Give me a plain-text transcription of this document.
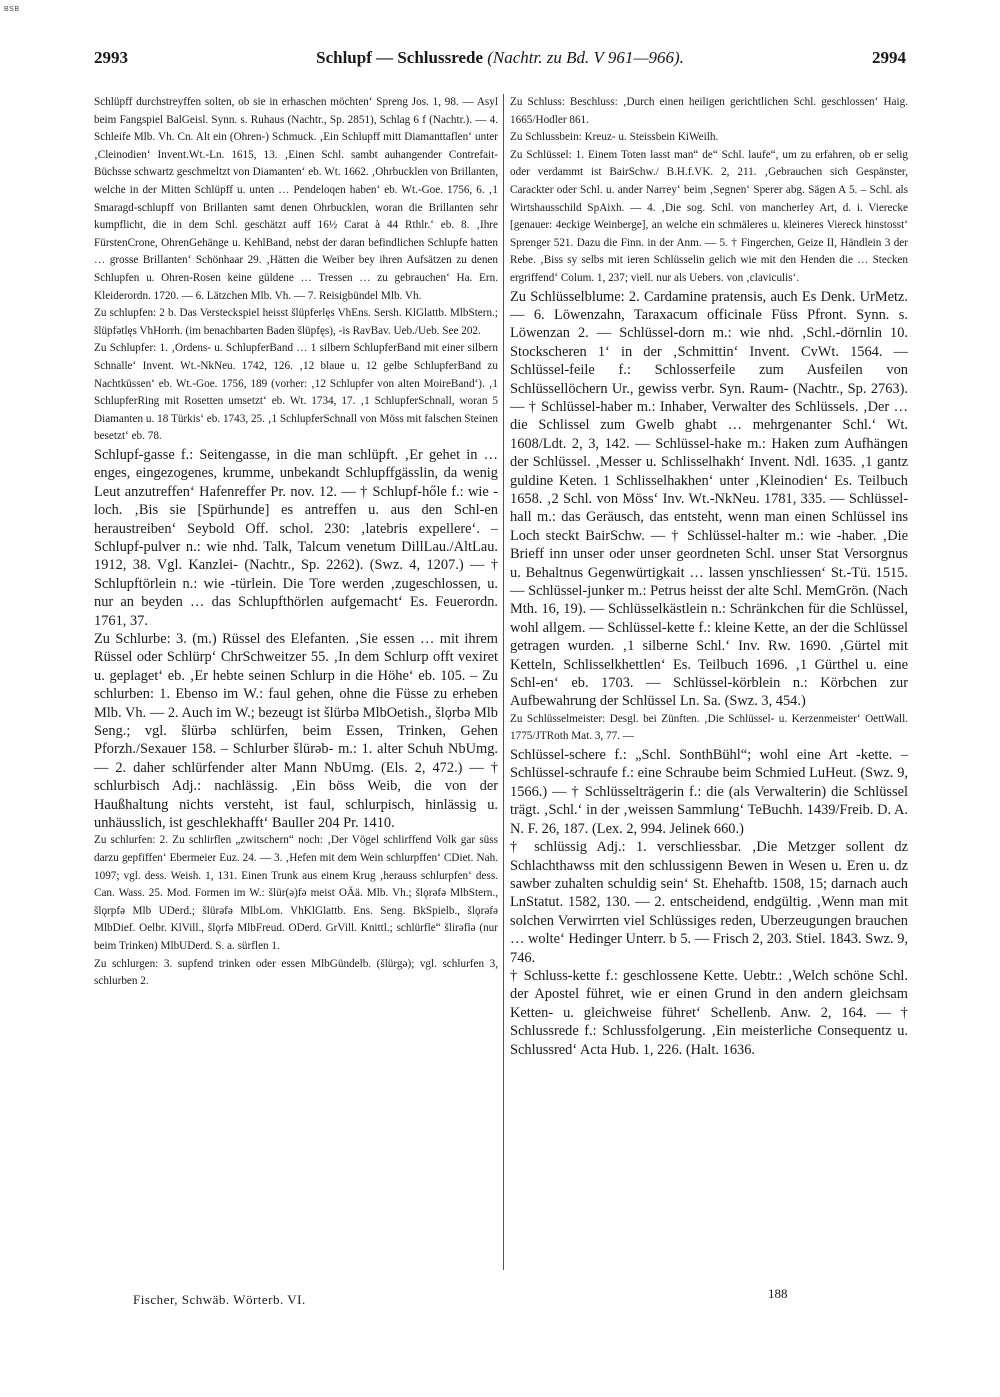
BSB
2993	Schlupf — Schlussrede (Nachtr. zu Bd. V 961—966).	2994

Schlüpff durchstreyffen solten, ob sie in erhaschen möchten‘ Spreng Jos. 1, 98. — Asyl beim Fangspiel BalGeisl. Synn. s. Ruhaus (Nachtr., Sp. 2851), Schlag 6 f (Nachtr.). — 4. Schleife Mlb. Vh. Cn. Alt ein (Ohren-) Schmuck. ‚Ein Schlupff mitt Diamanttaflen‘ unter ‚Cleinodien‘ Invent.Wt.-Ln. 1615, 13. ‚Einen Schl. sambt auhangender Contrefait-Büchsse schwartz geschmeltzt von Diamanten‘ eb. Wt. 1662. ‚Ohrbucklen von Brillanten, welche in der Mitten Schlüpff u. unten … Pendeloqen haben‘ eb. Wt.-Goe. 1756, 6. ‚1 Smaragd-schlupff von Brillanten samt denen Ohrbucklen, woran die Brillanten sehr kumpflicht, die in dem Schl. geschätzt auff 16½ Carat à 44 Rthlr.‘ eb. 8. ‚Ihre FürstenCrone, OhrenGehänge u. KehlBand, nebst der daran befindlichen Schlupfe hatten … grosse Brillanten‘ Schönhaar 29. ‚Hätten die Weiber bey ihren Aufsätzen zu denen Schlupfen u. Ohren-Rosen keine güldene … Tressen … zu gebrauchen‘ Ha. Ern. Kleiderordn. 1720. — 6. Lätzchen Mlb. Vh. — 7. Reisigbündel Mlb. Vh.

Zu schlupfen: 2 b. Das Versteckspiel heisst šlüpferlęs VhEns. Sersh. KlGlattb. MlbStern.; šlüpfətlęs VhHorrh. (im benachbarten Baden šlüpfęs), -is RavBav. Ueb./Ueb. See 202.

Zu Schlupfer: 1. ‚Ordens- u. SchlupferBand … 1 silbern SchlupferBand mit einer silbern Schnalle‘ Invent. Wt.-NkNeu. 1742, 126. ‚12 blaue u. 12 gelbe SchlupferBand zu Nachtküssen‘ eb. Wt.-Goe. 1756, 189 (vorher: ‚12 Schlupfer von alten MoireBand‘). ‚1 SchlupferRing mit Rosetten umsetzt‘ eb. Wt. 1734, 17. ‚1 SchlupferSchnall, woran 5 Diamanten u. 18 Türkis‘ eb. 1743, 25. ‚1 SchlupferSchnall von Möss mit falschen Steinen besetzt‘ eb. 78.

Schlupf-gasse f.: Seitengasse, in die man schlüpft. ‚Er gehet in … enges, eingezogenes, krumme, unbekandt Schlupffgässlin, da wenig Leut anzutreffen‘ Hafenreffer Pr. nov. 12. — † Schlupf-hőle f.: wie -loch. ‚Bis sie [Spürhunde] es antreffen u. aus den Schl-en heraustreiben‘ Seybold Off. schol. 230: ‚latebris expellere‘. – Schlupf-pulver n.: wie nhd. Talk, Talcum venetum DillLau./AltLau. 1912, 38. Vgl. Kanzlei- (Nachtr., Sp. 2262). (Swz. 4, 1207.) — † Schlupftörlein n.: wie -türlein. Die Tore werden ‚zugeschlossen, u. nur an beyden … das Schlupfthörlen aufgemacht‘ Es. Feuerordn. 1761, 37.

Zu Schlurbe: 3. (m.) Rüssel des Elefanten. ‚Sie essen … mit ihrem Rüssel oder Schlürp‘ ChrSchweitzer 55. ‚In dem Schlurp offt vexiret u. geplaget‘ eb. ‚Er hebte seinen Schlurp in die Höhe‘ eb. 105. – Zu schlurben: 1. Ebenso im W.: faul gehen, ohne die Füsse zu erheben Mlb. Vh. — 2. Auch im W.; bezeugt ist šlürbə MlbOetish., šlǫrbə Mlb Seng.; vgl. šlürbə schlürfen, beim Essen, Trinken, Gehen Pforzh./Sexauer 158. – Schlurber šlürəb- m.: 1. alter Schuh NbUmg. — 2. daher schlürfender alter Mann NbUmg. (Els. 2, 472.) — † schlurbisch Adj.: nachlässig. ‚Ein böss Weib, die von der Haußhaltung nichts versteht, ist faul, schlurpisch, hinlässig u. unhäusslich, ist geschlekhafft‘ Bauller 204 Pr. 1410.

Zu schlurfen: 2. Zu schlirflen „zwitschern“ noch: ‚Der Vögel schlirffend Volk gar süss darzu gepfiffen‘ Ebermeier Euz. 24. — 3. ‚Hefen mit dem Wein schlurpffen‘ CDiet. Nah. 1097; vgl. dess. Weish. 1, 131. Einen Trunk aus einem Krug ‚herauss schlurpfen‘ dess. Can. Wass. 25. Mod. Formen im W.: šlür(ə)fə meist OÄä. Mlb. Vh.; šlǫrəfə MlbStern., šlǫrpfə Mlb UDerd.; šlürəfə MlbLom. VhKlGlattb. Ens. Seng. BkSpielb., šlǫrəfə MlbDief. Oelbr. KlVill., šlǫrfə MlbFreud. ODerd. GrVill. Knittl.; schlürfle“ šlirəflə (nur beim Trinken) MlbUDerd. S. a. sürflen 1.

Zu schlurgen: 3. supfend trinken oder essen MlbGündelb. (šlürgə); vgl. schlurfen 3, schlurben 2.

Zu Schluss: Beschluss: ‚Durch einen heiligen gerichtlichen Schl. geschlossen‘ Haig. 1665/Hodler 861.

Zu Schlussbein: Kreuz- u. Steissbein KiWeilh.

Zu Schlüssel: 1. Einem Toten lasst man“ de“ Schl. laufe“, um zu erfahren, ob er selig oder verdammt ist BairSchw./ B.H.f.VK. 2, 211. ‚Gebrauchen sich Gespänster, Carackter oder Schl. u. ander Narrey‘ beim ‚Segnen‘ Sperer abg. Sägen A 5. – Schl. als Wirtshausschild SpAixh. — 4. ‚Die sog. Schl. von mancherley Art, d. i. Vierecke [genauer: 4eckige Weinberge], an welche ein schmäleres u. kleineres Viereck hinstosst‘ Sprenger 521. Dazu die Finn. in der Anm. — 5. † Fingerchen, Geize II, Händlein 3 der Rebe. ‚Biss sy selbs mit ieren Schlüsselin gelich wie mit den Henden die … Stecken ergriffend‘ Colum. 1, 237; viell. nur als Uebers. von ‚claviculis‘.

Zu Schlüsselblume: 2. Cardamine pratensis, auch Es Denk. UrMetz. — 6. Löwenzahn, Taraxacum officinale Füss Pfront. Synn. s. Löwenzan 2. — Schlüssel-dorn m.: wie nhd. ‚Schl.-dörnlin 10. Stockscheren 1‘ in der ‚Schmittin‘ Invent. CvWt. 1564. — Schlüssel-feile f.: Schlosserfeile zum Ausfeilen von Schlüssellöchern Ur., gewiss verbr. Syn. Raum- (Nachtr., Sp. 2763). — † Schlüssel-haber m.: Inhaber, Verwalter des Schlüssels. ‚Der … die Schlissel zum Gwelb ghabt … mehrgenanter Schl.‘ Wt. 1608/Ldt. 2, 3, 142. — Schlüssel-hake m.: Haken zum Aufhängen der Schlüssel. ‚Messer u. Schlisselhakh‘ Invent. Ndl. 1635. ‚1 gantz guldine Keten. 1 Schlisselhakhen‘ unter ‚Kleinodien‘ Es. Teilbuch 1658. ‚2 Schl. von Möss‘ Inv. Wt.-NkNeu. 1781, 335. — Schlüssel-hall m.: das Geräusch, das entsteht, wenn man einen Schlüssel ins Loch steckt BairSchw. — † Schlüssel-halter m.: wie -haber. ‚Die Brieff inn unser oder unser geordneten Schl. unser Stat Versorgnus u. Behaltnus Gegenwürtigkait … lassen ynschliessen‘ St.-Tü. 1515. — Schlüssel-junker m.: Petrus heisst der alte Schl. MemGrön. (Nach Mth. 16, 19). — Schlüsselkästlein n.: Schränkchen für die Schlüssel, wohl allgem. — Schlüssel-kette f.: kleine Kette, an der die Schlüssel getragen wurden. ‚1 silberne Schl.‘ Inv. Rw. 1690. ‚Gürtel mit Ketteln, Schlisselkhettlen‘ Es. Teilbuch 1696. ‚1 Gürthel u. eine Schl-en‘ eb. 1703. — Schlüssel-körblein n.: Körbchen zur Aufbewahrung der Schlüssel Ln. Sa. (Swz. 3, 454.)

Zu Schlüsselmeister: Desgl. bei Zünften. ‚Die Schlüssel- u. Kerzenmeister‘ OettWall. 1775/JTRoth Mat. 3, 77. —

Schlüssel-schere f.: „Schl. SonthBühl“; wohl eine Art -kette. – Schlüssel-schraufe f.: eine Schraube beim Schmied LuHeut. (Swz. 9, 1566.) — † Schlüsselträgerin f.: die (als Verwalterin) die Schlüssel trägt. ‚Schl.‘ in der ‚weissen Sammlung‘ TeBuchh. 1439/Freib. D. A. N. F. 26, 187. (Lex. 2, 994. Jelinek 660.)

† schlüssig Adj.: 1. verschliessbar. ‚Die Metzger sollent dz Schlachthawss mit den schlussigenn Bewen in Wesen u. Eren u. dz sawber zuhalten schuldig sein‘ St. Ehehaftb. 1508, 15; darnach auch LnStatut. 1582, 130. — 2. entscheidend, endgültig. ‚Wenn man mit solchen Verwirrten viel Schlüssiges reden, Uberzeugungen brauchen … wolte‘ Hedinger Unterr. b 5. — Frisch 2, 203. Stiel. 1843. Swz. 9, 746.

† Schluss-kette f.: geschlossene Kette. Uebtr.: ‚Welch schöne Schl. der Apostel führet, wie er einen Grund in den andern gleichsam Ketten- u. gleichweise führet‘ Schellenb. Anw. 2, 164. — † Schlussrede f.: Schlussfolgerung. ‚Ein meisterliche Consequentz u. Schlussred‘ Acta Hub. 1, 226. (Halt. 1636.

Fischer, Schwäb. Wörterb. VI.	188
